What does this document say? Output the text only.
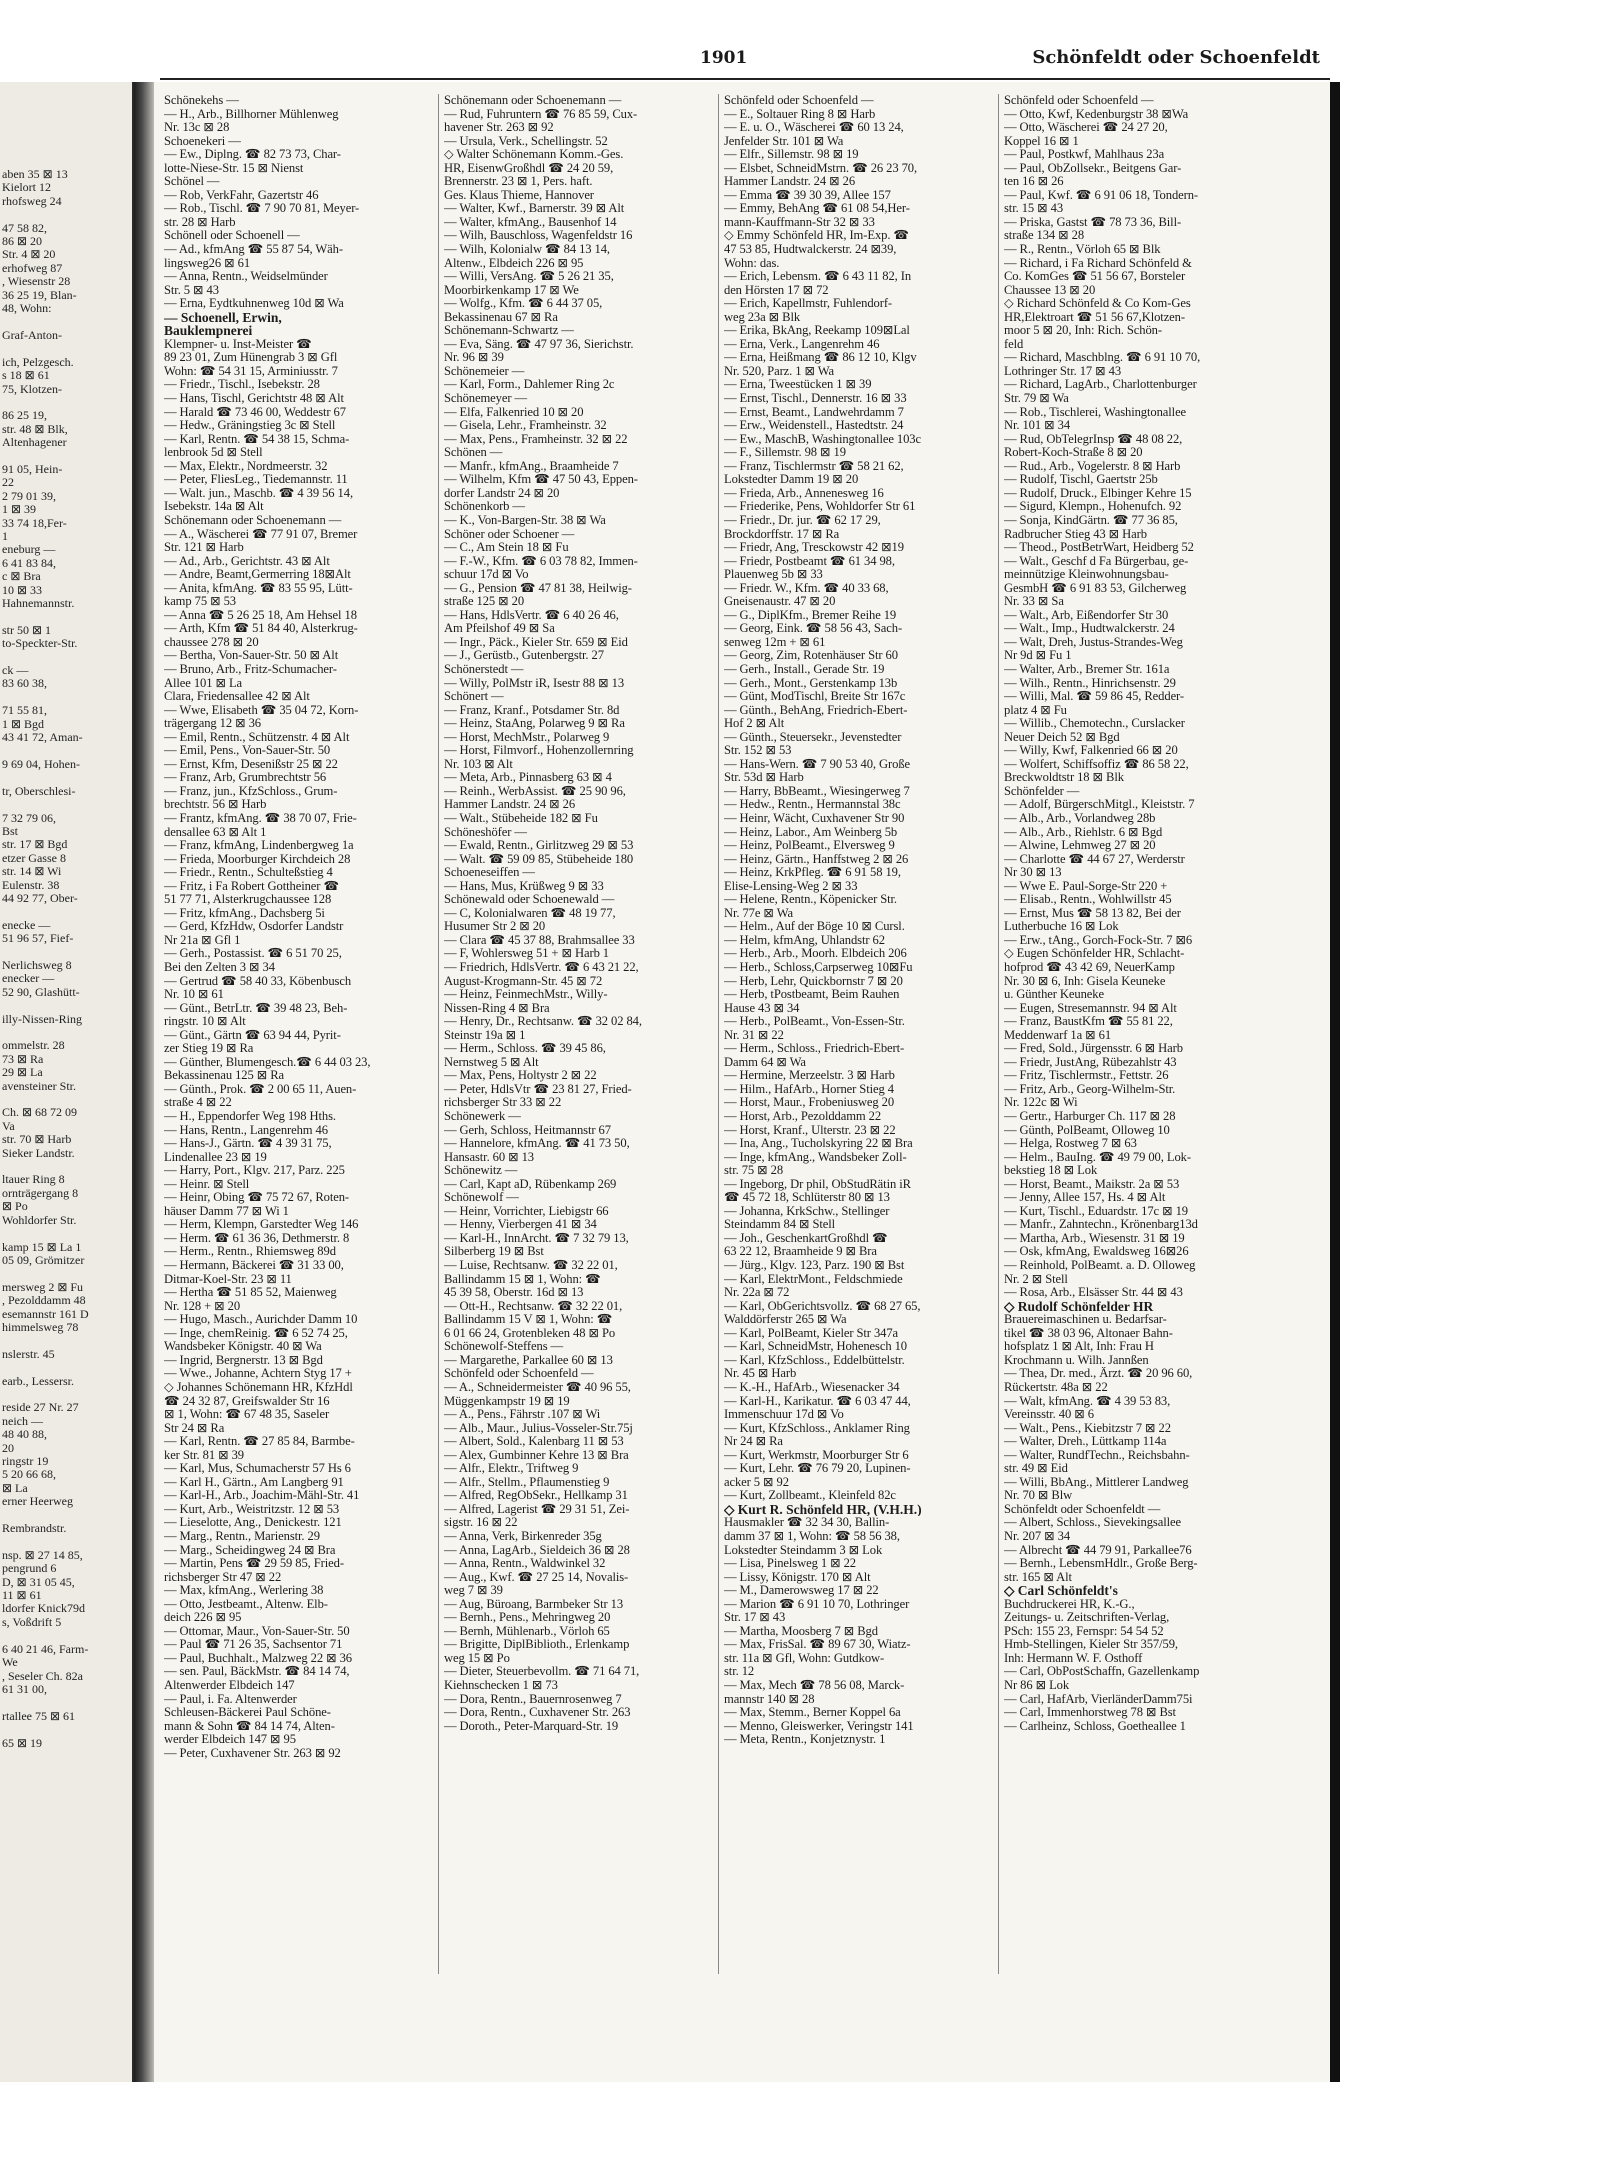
aben 35 ⊠ 13
Kielort 12
rhofsweg 24

47 58 82,
86 ⊠ 20
Str. 4 ⊠ 20
erhofweg 87
, Wiesenstr 28
36 25 19, Blan-
48, Wohn:

Graf-Anton-

ich, Pelzgesch.
s 18 ⊠ 61
75, Klotzen-

86 25 19,
str. 48 ⊠ Blk,
Altenhagener

91 05, Hein-
22
2 79 01 39,
1 ⊠ 39
33 74 18,Fer-
1
eneburg —
6 41 83 84,
c ⊠ Bra
10 ⊠ 33
Hahnemannstr.

str 50 ⊠ 1
to-Speckter-Str.

ck —
83 60 38,

71 55 81,
1 ⊠ Bgd
43 41 72, Aman-

9 69 04, Hohen-

tr, Oberschlesi-

7 32 79 06,
Bst
str. 17 ⊠ Bgd
etzer Gasse 8
str. 14 ⊠ Wi
Eulenstr. 38
44 92 77, Ober-

enecke —
51 96 57, Fief-

Nerlichsweg 8
enecker —
52 90, Glashütt-

illy-Nissen-Ring

ommelstr. 28
73 ⊠ Ra
29 ⊠ La
avensteiner Str.

Ch. ⊠ 68 72 09
Va
str. 70 ⊠ Harb
Sieker Landstr.

ltauer Ring 8
ornträgergang 8
⊠ Po
Wohldorfer Str.

kamp 15 ⊠ La 1
05 09, Grömitzer

mersweg 2 ⊠ Fu
, Pezolddamm 48
esemannstr 161 D
himmelsweg 78

nslerstr. 45

earb., Lessersr.

reside 27 Nr. 27
neich —
48 40 88,
20
ringstr 19
5 20 66 68,
⊠ La
erner Heerweg

Rembrandstr.

nsp. ⊠ 27 14 85,
pengrund 6
D, ⊠ 31 05 45,
11 ⊠ 61
ldorfer Knick79d
s, Voßdrift 5

6 40 21 46, Farm-
We
, Seseler Ch. 82a
61 31 00,

rtallee 75 ⊠ 61

65 ⊠ 19
1901	Schönfeldt oder Schoenfeldt
Schönekehs —
— H., Arb., Billhorner Mühlenweg
Nr. 13c ⊠ 28
Schoenekeri —
— Ew., Diplng. ☎ 82 73 73, Char-
lotte-Niese-Str. 15 ⊠ Nienst
Schönel —
— Rob, VerkFahr, Gazertstr 46
— Rob., Tischl. ☎ 7 90 70 81, Meyer-
str. 28 ⊠ Harb
Schönell oder Schoenell —
— Ad., kfmAng ☎ 55 87 54, Wäh-
lingsweg26 ⊠ 61
— Anna, Rentn., Weidselmünder
Str. 5 ⊠ 43
— Erna, Eydtkuhnenweg 10d ⊠ Wa
— Schoenell, Erwin,
Bauklempnerei
Klempner- u. Inst-Meister ☎
89 23 01, Zum Hünengrab 3 ⊠ Gfl
Wohn: ☎ 54 31 15, Arminiusstr. 7
— Friedr., Tischl., Isebekstr. 28
— Hans, Tischl, Gerichtstr 48 ⊠ Alt
— Harald ☎ 73 46 00, Weddestr 67
— Hedw., Gräningstieg 3c ⊠ Stell
— Karl, Rentn. ☎ 54 38 15, Schma-
lenbrook 5d ⊠ Stell
— Max, Elektr., Nordmeerstr. 32
— Peter, FliesLeg., Tiedemannstr. 11
— Walt. jun., Maschb. ☎ 4 39 56 14,
Isebekstr. 14a ⊠ Alt
Schönemann oder Schoenemann —
— A., Wäscherei ☎ 77 91 07, Bremer
Str. 121 ⊠ Harb
— Ad., Arb., Gerichtstr. 43 ⊠ Alt
— Andre, Beamt,Germerring 18⊠Alt
— Anita, kfmAng. ☎ 83 55 95, Lütt-
kamp 75 ⊠ 53
— Anna ☎ 5 26 25 18, Am Hehsel 18
— Arth, Kfm ☎ 51 84 40, Alsterkrug-
chaussee 278 ⊠ 20
— Bertha, Von-Sauer-Str. 50 ⊠ Alt
— Bruno, Arb., Fritz-Schumacher-
Allee 101 ⊠ La
Clara, Friedensallee 42 ⊠ Alt
— Wwe, Elisabeth ☎ 35 04 72, Korn-
trägergang 12 ⊠ 36
— Emil, Rentn., Schützenstr. 4 ⊠ Alt
— Emil, Pens., Von-Sauer-Str. 50
— Ernst, Kfm, Desenißstr 25 ⊠ 22
— Franz, Arb, Grumbrechtstr 56
— Franz, jun., KfzSchloss., Grum-
brechtstr. 56 ⊠ Harb
— Frantz, kfmAng. ☎ 38 70 07, Frie-
densallee 63 ⊠ Alt 1
— Franz, kfmAng, Lindenbergweg 1a
— Frieda, Moorburger Kirchdeich 28
— Friedr., Rentn., Schulteßstieg 4
— Fritz, i Fa Robert Gottheiner ☎
51 77 71, Alsterkrugchaussee 128
— Fritz, kfmAng., Dachsberg 5i
— Gerd, KfzHdw, Osdorfer Landstr
Nr 21a ⊠ Gfl 1
— Gerh., Postassist. ☎ 6 51 70 25,
Bei den Zelten 3 ⊠ 34
— Gertrud ☎ 58 40 33, Köbenbusch
Nr. 10 ⊠ 61
— Günt., BetrLtr. ☎ 39 48 23, Beh-
ringstr. 10 ⊠ Alt
— Günt., Gärtn ☎ 63 94 44, Pyrit-
zer Stieg 19 ⊠ Ra
— Günther, Blumengesch.☎ 6 44 03 23,
Bekassinenau 125 ⊠ Ra
— Günth., Prok. ☎ 2 00 65 11, Auen-
straße 4 ⊠ 22
— H., Eppendorfer Weg 198 Hths.
— Hans, Rentn., Langenrehm 46
— Hans-J., Gärtn. ☎ 4 39 31 75,
Lindenallee 23 ⊠ 19
— Harry, Port., Klgv. 217, Parz. 225
— Heinr. ⊠ Stell
— Heinr, Obing ☎ 75 72 67, Roten-
häuser Damm 77 ⊠ Wi 1
— Herm, Klempn, Garstedter Weg 146
— Herm. ☎ 61 36 36, Dethmerstr. 8
— Herm., Rentn., Rhiemsweg 89d
— Hermann, Bäckerei ☎ 31 33 00,
Ditmar-Koel-Str. 23 ⊠ 11
— Hertha ☎ 51 85 52, Maienweg
Nr. 128 + ⊠ 20
— Hugo, Masch., Aurichder Damm 10
— Inge, chemReinig. ☎ 6 52 74 25,
Wandsbeker Königstr. 40 ⊠ Wa
— Ingrid, Bergnerstr. 13 ⊠ Bgd
— Wwe., Johanne, Achtern Styg 17 +
◇ Johannes Schönemann HR, KfzHdl
☎ 24 32 87, Greifswalder Str 16
⊠ 1, Wohn: ☎ 67 48 35, Saseler
Str 24 ⊠ Ra
— Karl, Rentn. ☎ 27 85 84, Barmbe-
ker Str. 81 ⊠ 39
— Karl, Mus, Schumacherstr 57 Hs 6
— Karl H., Gärtn., Am Langberg 91
— Karl-H., Arb., Joachim-Mähl-Str. 41
— Kurt, Arb., Weistritzstr. 12 ⊠ 53
— Lieselotte, Ang., Denickestr. 121
— Marg., Rentn., Marienstr. 29
— Marg., Scheidingweg 24 ⊠ Bra
— Martin, Pens ☎ 29 59 85, Fried-
richsberger Str 47 ⊠ 22
— Max, kfmAng., Werlering 38
— Otto, Jestbeamt., Altenw. Elb-
deich 226 ⊠ 95
— Ottomar, Maur., Von-Sauer-Str. 50
— Paul ☎ 71 26 35, Sachsentor 71
— Paul, Buchhalt., Malzweg 22 ⊠ 36
— sen. Paul, BäckMstr. ☎ 84 14 74,
Altenwerder Elbdeich 147
— Paul, i. Fa. Altenwerder
Schleusen-Bäckerei Paul Schöne-
mann & Sohn ☎ 84 14 74, Alten-
werder Elbdeich 147 ⊠ 95
— Peter, Cuxhavener Str. 263 ⊠ 92
Schönemann oder Schoenemann —
— Rud, Fuhruntern ☎ 76 85 59, Cux-
havener Str. 263 ⊠ 92
— Ursula, Verk., Schellingstr. 52
◇ Walter Schönemann Komm.-Ges.
HR, EisenwGroßhdl ☎ 24 20 59,
Brennerstr. 23 ⊠ 1, Pers. haft.
Ges. Klaus Thieme, Hannover
— Walter, Kwf., Barnerstr. 39 ⊠ Alt
— Walter, kfmAng., Bausenhof 14
— Wilh, Bauschloss, Wagenfeldstr 16
— Wilh, Kolonialw ☎ 84 13 14,
Altenw., Elbdeich 226 ⊠ 95
— Willi, VersAng. ☎ 5 26 21 35,
Moorbirkenkamp 17 ⊠ We
— Wolfg., Kfm. ☎ 6 44 37 05,
Bekassinenau 67 ⊠ Ra
Schönemann-Schwartz —
— Eva, Säng. ☎ 47 97 36, Sierichstr.
Nr. 96 ⊠ 39
Schönemeier —
— Karl, Form., Dahlemer Ring 2c
Schönemeyer —
— Elfa, Falkenried 10 ⊠ 20
— Gisela, Lehr., Framheinstr. 32
— Max, Pens., Framheinstr. 32 ⊠ 22
Schönen —
— Manfr., kfmAng., Braamheide 7
— Wilhelm, Kfm ☎ 47 50 43, Eppen-
dorfer Landstr 24 ⊠ 20
Schönenkorb —
— K., Von-Bargen-Str. 38 ⊠ Wa
Schöner oder Schoener —
— C., Am Stein 18 ⊠ Fu
— F.-W., Kfm. ☎ 6 03 78 82, Immen-
schuur 17d ⊠ Vo
— G., Pension ☎ 47 81 38, Heilwig-
straße 125 ⊠ 20
— Hans, HdlsVertr. ☎ 6 40 26 46,
Am Pfeilshof 49 ⊠ Sa
— Ingr., Päck., Kieler Str. 659 ⊠ Eid
— J., Gerüstb., Gutenbergstr. 27
Schönerstedt —
— Willy, PolMstr iR, Isestr 88 ⊠ 13
Schönert —
— Franz, Kranf., Potsdamer Str. 8d
— Heinz, StaAng, Polarweg 9 ⊠ Ra
— Horst, MechMstr., Polarweg 9
— Horst, Filmvorf., Hohenzollernring
Nr. 103 ⊠ Alt
— Meta, Arb., Pinnasberg 63 ⊠ 4
— Reinh., WerbAssist. ☎ 25 90 96,
Hammer Landstr. 24 ⊠ 26
— Walt., Stübeheide 182 ⊠ Fu
Schöneshöfer —
— Ewald, Rentn., Girlitzweg 29 ⊠ 53
— Walt. ☎ 59 09 85, Stübeheide 180
Schoeneseiffen —
— Hans, Mus, Krüßweg 9 ⊠ 33
Schönewald oder Schoenewald —
— C, Kolonialwaren ☎ 48 19 77,
Husumer Str 2 ⊠ 20
— Clara ☎ 45 37 88, Brahmsallee 33
— F, Wohlersweg 51 + ⊠ Harb 1
— Friedrich, HdlsVertr. ☎ 6 43 21 22,
August-Krogmann-Str. 45 ⊠ 72
— Heinz, FeinmechMstr., Willy-
Nissen-Ring 4 ⊠ Bra
— Henry, Dr., Rechtsanw. ☎ 32 02 84,
Steinstr 19a ⊠ 1
— Herm., Schloss. ☎ 39 45 86,
Nernstweg 5 ⊠ Alt
— Max, Pens, Holtystr 2 ⊠ 22
— Peter, HdlsVtr ☎ 23 81 27, Fried-
richsberger Str 33 ⊠ 22
Schönewerk —
— Gerh, Schloss, Heitmannstr 67
— Hannelore, kfmAng. ☎ 41 73 50,
Hansastr. 60 ⊠ 13
Schönewitz —
— Carl, Kapt aD, Rübenkamp 269
Schönewolf —
— Heinr, Vorrichter, Liebigstr 66
— Henny, Vierbergen 41 ⊠ 34
— Karl-H., InnArcht. ☎ 7 32 79 13,
Silberberg 19 ⊠ Bst
— Luise, Rechtsanw. ☎ 32 22 01,
Ballindamm 15 ⊠ 1, Wohn: ☎
45 39 58, Oberstr. 16d ⊠ 13
— Ott-H., Rechtsanw. ☎ 32 22 01,
Ballindamm 15 V ⊠ 1, Wohn: ☎
6 01 66 24, Grotenbleken 48 ⊠ Po
Schönewolf-Steffens —
— Margarethe, Parkallee 60 ⊠ 13
Schönfeld oder Schoenfeld —
— A., Schneidermeister ☎ 40 96 55,
Müggenkampstr 19 ⊠ 19
— A., Pens., Fährstr .107 ⊠ Wi
— Alb., Maur., Julius-Vosseler-Str.75j
— Albert, Sold., Kalenbarg 11 ⊠ 53
— Alex, Gumbinner Kehre 13 ⊠ Bra
— Alfr., Elektr., Triftweg 9
— Alfr., Stellm., Pflaumenstieg 9
— Alfred, RegObSekr., Hellkamp 31
— Alfred, Lagerist ☎ 29 31 51, Zei-
sigstr. 16 ⊠ 22
— Anna, Verk, Birkenreder 35g
— Anna, LagArb., Sieldeich 36 ⊠ 28
— Anna, Rentn., Waldwinkel 32
— Aug., Kwf. ☎ 27 25 14, Novalis-
weg 7 ⊠ 39
— Aug, Büroang, Barmbeker Str 13
— Bernh., Pens., Mehringweg 20
— Bernh, Mühlenarb., Vörloh 65
— Brigitte, DiplBiblioth., Erlenkamp
weg 15 ⊠ Po
— Dieter, Steuerbevollm. ☎ 71 64 71,
Kiehnschecken 1 ⊠ 73
— Dora, Rentn., Bauernrosenweg 7
— Dora, Rentn., Cuxhavener Str. 263
— Doroth., Peter-Marquard-Str. 19
Schönfeld oder Schoenfeld —
— E., Soltauer Ring 8 ⊠ Harb
— E. u. O., Wäscherei ☎ 60 13 24,
Jenfelder Str. 101 ⊠ Wa
— Elfr., Sillemstr. 98 ⊠ 19
— Elsbet, SchneidMstrn. ☎ 26 23 70,
Hammer Landstr. 24 ⊠ 26
— Emma ☎ 39 30 39, Allee 157
— Emmy, BehAng ☎ 61 08 54,Her-
mann-Kauffmann-Str 32 ⊠ 33
◇ Emmy Schönfeld HR, Im-Exp. ☎
47 53 85, Hudtwalckerstr. 24 ⊠39,
Wohn: das.
— Erich, Lebensm. ☎ 6 43 11 82, In
den Hörsten 17 ⊠ 72
— Erich, Kapellmstr, Fuhlendorf-
weg 23a ⊠ Blk
— Erika, BkAng, Reekamp 109⊠Lal
— Erna, Verk., Langenrehm 46
— Erna, Heißmang ☎ 86 12 10, Klgv
Nr. 520, Parz. 1 ⊠ Wa
— Erna, Tweestücken 1 ⊠ 39
— Ernst, Tischl., Dennerstr. 16 ⊠ 33
— Ernst, Beamt., Landwehrdamm 7
— Erw., Weidenstell., Hastedtstr. 24
— Ew., MaschB, Washingtonallee 103c
— F., Sillemstr. 98 ⊠ 19
— Franz, Tischlermstr ☎ 58 21 62,
Lokstedter Damm 19 ⊠ 20
— Frieda, Arb., Annenesweg 16
— Friederike, Pens, Wohldorfer Str 61
— Friedr., Dr. jur. ☎ 62 17 29,
Brockdorffstr. 17 ⊠ Ra
— Friedr, Ang, Tresckowstr 42 ⊠19
— Friedr, Postbeamt ☎ 61 34 98,
Plauenweg 5b ⊠ 33
— Friedr. W., Kfm. ☎ 40 33 68,
Gneisenaustr. 47 ⊠ 20
— G., DiplKfm., Bremer Reihe 19
— Georg, Eink. ☎ 58 56 43, Sach-
senweg 12m + ⊠ 61
— Georg, Zim, Rotenhäuser Str 60
— Gerh., Install., Gerade Str. 19
— Gerh., Mont., Gerstenkamp 13b
— Günt, ModTischl, Breite Str 167c
— Günth., BehAng, Friedrich-Ebert-
Hof 2 ⊠ Alt
— Günth., Steuersekr., Jevenstedter
Str. 152 ⊠ 53
— Hans-Wern. ☎ 7 90 53 40, Große
Str. 53d ⊠ Harb
— Harry, BbBeamt., Wiesingerweg 7
— Hedw., Rentn., Hermannstal 38c
— Heinr, Wächt, Cuxhavener Str 90
— Heinz, Labor., Am Weinberg 5b
— Heinz, PolBeamt., Elversweg 9
— Heinz, Gärtn., Hanffstweg 2 ⊠ 26
— Heinz, KrkPfleg. ☎ 6 91 58 19,
Elise-Lensing-Weg 2 ⊠ 33
— Helene, Rentn., Köpenicker Str.
Nr. 77e ⊠ Wa
— Helm., Auf der Böge 10 ⊠ Cursl.
— Helm, kfmAng, Uhlandstr 62
— Herb., Arb., Moorh. Elbdeich 206
— Herb., Schloss,Carpserweg 10⊠Fu
— Herb, Lehr, Quickbornstr 7 ⊠ 20
— Herb, tPostbeamt, Beim Rauhen
Hause 43 ⊠ 34
— Herb., PolBeamt., Von-Essen-Str.
Nr. 31 ⊠ 22
— Herm., Schloss., Friedrich-Ebert-
Damm 64 ⊠ Wa
— Hermine, Merzeelstr. 3 ⊠ Harb
— Hilm., HafArb., Horner Stieg 4
— Horst, Maur., Frobeniusweg 20
— Horst, Arb., Pezolddamm 22
— Horst, Kranf., Ulterstr. 23 ⊠ 22
— Ina, Ang., Tucholskyring 22 ⊠ Bra
— Inge, kfmAng., Wandsbeker Zoll-
str. 75 ⊠ 28
— Ingeborg, Dr phil, ObStudRätin iR
☎ 45 72 18, Schlüterstr 80 ⊠ 13
— Johanna, KrkSchw., Stellinger
Steindamm 84 ⊠ Stell
— Joh., GeschenkartGroßhdl ☎
63 22 12, Braamheide 9 ⊠ Bra
— Jürg., Klgv. 123, Parz. 190 ⊠ Bst
— Karl, ElektrMont., Feldschmiede
Nr. 22a ⊠ 72
— Karl, ObGerichtsvollz. ☎ 68 27 65,
Walddörferstr 265 ⊠ Wa
— Karl, PolBeamt, Kieler Str 347a
— Karl, SchneidMstr, Hohenesch 10
— Karl, KfzSchloss., Eddelbüttelstr.
Nr. 45 ⊠ Harb
— K.-H., HafArb., Wiesenacker 34
— Karl-H., Karikatur. ☎ 6 03 47 44,
Immenschuur 17d ⊠ Vo
— Kurt, KfzSchloss., Anklamer Ring
Nr 24 ⊠ Ra
— Kurt, Werkmstr, Moorburger Str 6
— Kurt, Lehr. ☎ 76 79 20, Lupinen-
acker 5 ⊠ 92
— Kurt, Zollbeamt., Kleinfeld 82c
◇ Kurt R. Schönfeld HR, (V.H.H.)
Hausmakler ☎ 32 34 30, Ballin-
damm 37 ⊠ 1, Wohn: ☎ 58 56 38,
Lokstedter Steindamm 3 ⊠ Lok
— Lisa, Pinelsweg 1 ⊠ 22
— Lissy, Königstr. 170 ⊠ Alt
— M., Damerowsweg 17 ⊠ 22
— Marion ☎ 6 91 10 70, Lothringer
Str. 17 ⊠ 43
— Martha, Moosberg 7 ⊠ Bgd
— Max, FrisSal. ☎ 89 67 30, Wiatz-
str. 11a ⊠ Gfl, Wohn: Gutdkow-
str. 12
— Max, Mech ☎ 78 56 08, Marck-
mannstr 140 ⊠ 28
— Max, Stemm., Berner Koppel 6a
— Menno, Gleiswerker, Veringstr 141
— Meta, Rentn., Konjetznystr. 1
Schönfeld oder Schoenfeld —
— Otto, Kwf, Kedenburgstr 38 ⊠Wa
— Otto, Wäscherei ☎ 24 27 20,
Koppel 16 ⊠ 1
— Paul, Postkwf, Mahlhaus 23a
— Paul, ObZollsekr., Beitgens Gar-
ten 16 ⊠ 26
— Paul, Kwf. ☎ 6 91 06 18, Tondern-
str. 15 ⊠ 43
— Priska, Gastst ☎ 78 73 36, Bill-
straße 134 ⊠ 28
— R., Rentn., Vörloh 65 ⊠ Blk
— Richard, i Fa Richard Schönfeld &
Co. KomGes ☎ 51 56 67, Borsteler
Chaussee 13 ⊠ 20
◇ Richard Schönfeld & Co Kom-Ges
HR,Elektroart ☎ 51 56 67,Klotzen-
moor 5 ⊠ 20, Inh: Rich. Schön-
feld
— Richard, Maschblng. ☎ 6 91 10 70,
Lothringer Str. 17 ⊠ 43
— Richard, LagArb., Charlottenburger
Str. 79 ⊠ Wa
— Rob., Tischlerei, Washingtonallee
Nr. 101 ⊠ 34
— Rud, ObTelegrInsp ☎ 48 08 22,
Robert-Koch-Straße 8 ⊠ 20
— Rud., Arb., Vogelerstr. 8 ⊠ Harb
— Rudolf, Tischl, Gaertstr 25b
— Rudolf, Druck., Elbinger Kehre 15
— Sigurd, Klempn., Hohenufch. 92
— Sonja, KindGärtn. ☎ 77 36 85,
Radbrucher Stieg 43 ⊠ Harb
— Theod., PostBetrWart, Heidberg 52
— Walt., Geschf d Fa Bürgerbau, ge-
meinnützige Kleinwohnungsbau-
GesmbH ☎ 6 91 83 53, Gilcherweg
Nr. 33 ⊠ Sa
— Walt., Arb, Eißendorfer Str 30
— Walt., Imp., Hudtwalckerstr. 24
— Walt, Dreh, Justus-Strandes-Weg
Nr 9d ⊠ Fu 1
— Walter, Arb., Bremer Str. 161a
— Wilh., Rentn., Hinrichsenstr. 29
— Willi, Mal. ☎ 59 86 45, Redder-
platz 4 ⊠ Fu
— Willib., Chemotechn., Curslacker
Neuer Deich 52 ⊠ Bgd
— Willy, Kwf, Falkenried 66 ⊠ 20
— Wolfert, Schiffsoffiz ☎ 86 58 22,
Breckwoldtstr 18 ⊠ Blk
Schönfelder —
— Adolf, BürgerschMitgl., Kleiststr. 7
— Alb., Arb., Vorlandweg 28b
— Alb., Arb., Riehlstr. 6 ⊠ Bgd
— Alwine, Lehmweg 27 ⊠ 20
— Charlotte ☎ 44 67 27, Werderstr
Nr 30 ⊠ 13
— Wwe E. Paul-Sorge-Str 220 +
— Elisab., Rentn., Wohlwillstr 45
— Ernst, Mus ☎ 58 13 82, Bei der
Lutherbuche 16 ⊠ Lok
— Erw., tAng., Gorch-Fock-Str. 7 ⊠6
◇ Eugen Schönfelder HR, Schlacht-
hofprod ☎ 43 42 69, NeuerKamp
Nr. 30 ⊠ 6, Inh: Gisela Keuneke
u. Günther Keuneke
— Eugen, Stresemannstr. 94 ⊠ Alt
— Franz, BaustKfm ☎ 55 81 22,
Meddenwarf 1a ⊠ 61
— Fred, Sold., Jürgensstr. 6 ⊠ Harb
— Friedr, JustAng, Rübezahlstr 43
— Fritz, Tischlermstr., Fettstr. 26
— Fritz, Arb., Georg-Wilhelm-Str.
Nr. 122c ⊠ Wi
— Gertr., Harburger Ch. 117 ⊠ 28
— Günth, PolBeamt, Olloweg 10
— Helga, Rostweg 7 ⊠ 63
— Helm., BauIng. ☎ 49 79 00, Lok-
bekstieg 18 ⊠ Lok
— Horst, Beamt., Maikstr. 2a ⊠ 53
— Jenny, Allee 157, Hs. 4 ⊠ Alt
— Kurt, Tischl., Eduardstr. 17c ⊠ 19
— Manfr., Zahntechn., Krönenbarg13d
— Martha, Arb., Wiesenstr. 31 ⊠ 19
— Osk, kfmAng, Ewaldsweg 16⊠26
— Reinhold, PolBeamt. a. D. Olloweg
Nr. 2 ⊠ Stell
— Rosa, Arb., Elsässer Str. 44 ⊠ 43
◇ Rudolf Schönfelder HR
Brauereimaschinen u. Bedarfsar-
tikel ☎ 38 03 96, Altonaer Bahn-
hofsplatz 1 ⊠ Alt, Inh: Frau H
Krochmann u. Wilh. Jannßen
— Thea, Dr. med., Ärzt. ☎ 20 96 60,
Rückertstr. 48a ⊠ 22
— Walt, kfmAng. ☎ 4 39 53 83,
Vereinsstr. 40 ⊠ 6
— Walt., Pens., Kiebitzstr 7 ⊠ 22
— Walter, Dreh., Lüttkamp 114a
— Walter, RundfTechn., Reichsbahn-
str. 49 ⊠ Eid
— Willi, BbAng., Mittlerer Landweg
Nr. 70 ⊠ Blw
Schönfeldt oder Schoenfeldt —
— Albert, Schloss., Sievekingsallee
Nr. 207 ⊠ 34
— Albrecht ☎ 44 79 91, Parkallee76
— Bernh., LebensmHdlr., Große Berg-
str. 165 ⊠ Alt
◇ Carl Schönfeldt's
Buchdruckerei HR, K.-G.,
Zeitungs- u. Zeitschriften-Verlag,
PSch: 155 23, Fernspr: 54 54 52
Hmb-Stellingen, Kieler Str 357/59,
Inh: Hermann W. F. Osthoff
— Carl, ObPostSchaffn, Gazellenkamp
Nr 86 ⊠ Lok
— Carl, HafArb, VierländerDamm75i
— Carl, Immenhorstweg 78 ⊠ Bst
— Carlheinz, Schloss, Goetheallee 1
